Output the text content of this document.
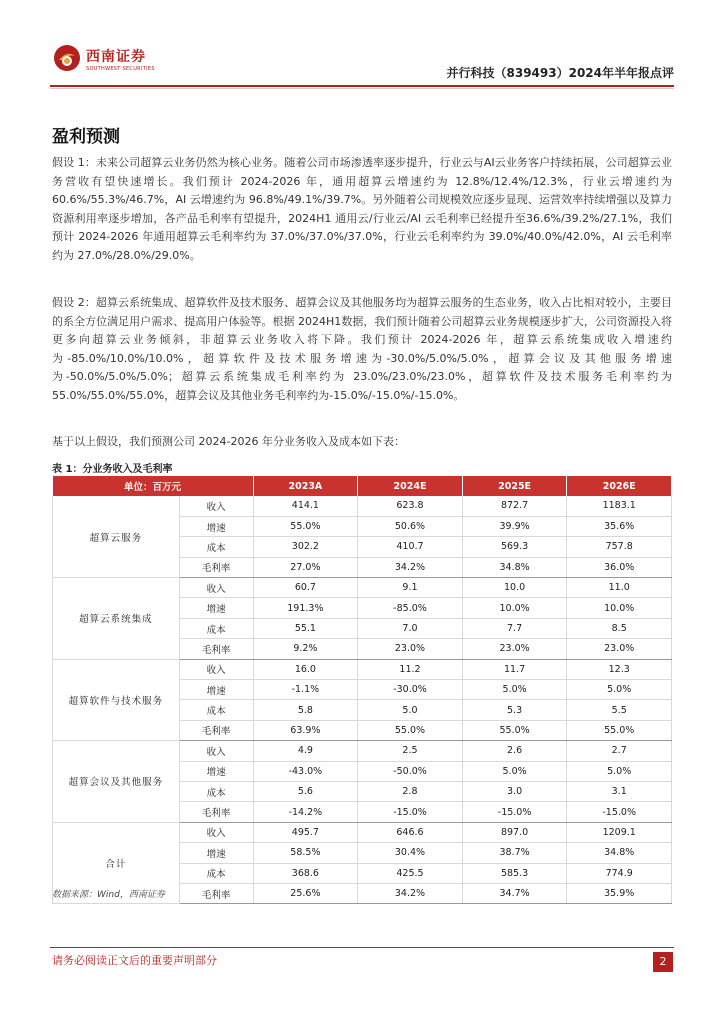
西南证券
SOUTHWEST SECURITIES	并行科技（839493）2024年半年报点评
盈利预测

假设 1：未来公司超算云业务仍然为核心业务。随着公司市场渗透率逐步提升，行业云与AI云业务客户持续拓展，公司超算云业务营收有望快速增长。我们预计 2024-2026 年，通用超算云增速约为 12.8%/12.4%/12.3%，行业云增速约为 60.6%/55.3%/46.7%，AI 云增速约为 96.8%/49.1%/39.7%。另外随着公司规模效应逐步显现、运营效率持续增强以及算力资源利用率逐步增加，各产品毛利率有望提升，2024H1 通用云/行业云/AI 云毛利率已经提升至36.6%/39.2%/27.1%，我们预计 2024-2026 年通用超算云毛利率约为 37.0%/37.0%/37.0%，行业云毛利率约为 39.0%/40.0%/42.0%，AI 云毛利率约为 27.0%/28.0%/29.0%。

假设 2：超算云系统集成、超算软件及技术服务、超算会议及其他服务均为超算云服务的生态业务，收入占比相对较小，主要目的系全方位满足用户需求、提高用户体验等。根据 2024H1数据，我们预计随着公司超算云业务规模逐步扩大，公司资源投入将更多向超算云业务倾斜，非超算云业务收入将下降。我们预计 2024-2026 年，超算云系统集成收入增速约为-85.0%/10.0%/10.0%，超算软件及技术服务增速为-30.0%/5.0%/5.0%，超算会议及其他服务增速为-50.0%/5.0%/5.0%；超算云系统集成毛利率约为 23.0%/23.0%/23.0%，超算软件及技术服务毛利率约为 55.0%/55.0%/55.0%，超算会议及其他业务毛利率约为-15.0%/-15.0%/-15.0%。

基于以上假设，我们预测公司 2024-2026 年分业务收入及成本如下表：

表 1：分业务收入及毛利率
单位：百万元		2023A	2024E	2025E	2026E
超算云服务	收入	414.1	623.8	872.7	1183.1
	增速	55.0%	50.6%	39.9%	35.6%
	成本	302.2	410.7	569.3	757.8
	毛利率	27.0%	34.2%	34.8%	36.0%
超算云系统集成	收入	60.7	9.1	10.0	11.0
	增速	191.3%	-85.0%	10.0%	10.0%
	成本	55.1	7.0	7.7	8.5
	毛利率	9.2%	23.0%	23.0%	23.0%
超算软件与技术服务	收入	16.0	11.2	11.7	12.3
	增速	-1.1%	-30.0%	5.0%	5.0%
	成本	5.8	5.0	5.3	5.5
	毛利率	63.9%	55.0%	55.0%	55.0%
超算会议及其他服务	收入	4.9	2.5	2.6	2.7
	增速	-43.0%	-50.0%	5.0%	5.0%
	成本	5.6	2.8	3.0	3.1
	毛利率	-14.2%	-15.0%	-15.0%	-15.0%
合计	收入	495.7	646.6	897.0	1209.1
	增速	58.5%	30.4%	38.7%	34.8%
	成本	368.6	425.5	585.3	774.9
	毛利率	25.6%	34.2%	34.7%	35.9%
数据来源：Wind，西南证券
请务必阅读正文后的重要声明部分	2
